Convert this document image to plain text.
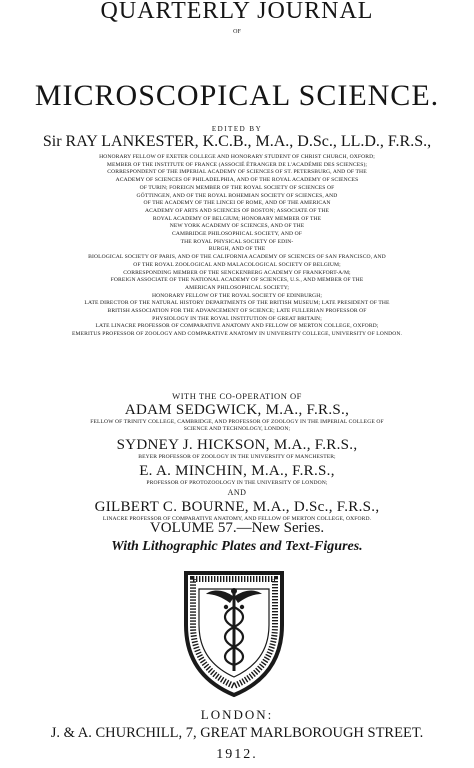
QUARTERLY JOURNAL
OF
MICROSCOPICAL SCIENCE.
EDITED BY
Sir RAY LANKESTER, K.C.B., M.A., D.Sc., LL.D., F.R.S.,
HONORARY FELLOW OF EXETER COLLEGE AND HONORARY STUDENT OF CHRIST CHURCH, OXFORD;
MEMBER OF THE INSTITUTE OF FRANCE (ASSOCIÉ ÉTRANGER DE L'ACADÉMIE DES SCIENCES);
CORRESPONDENT OF THE IMPERIAL ACADEMY OF SCIENCES OF ST. PETERSBURG, AND OF THE
ACADEMY OF SCIENCES OF PHILADELPHIA, AND OF THE ROYAL ACADEMY OF SCIENCES
OF TURIN; FOREIGN MEMBER OF THE ROYAL SOCIETY OF SCIENCES OF
GÖTTINGEN, AND OF THE ROYAL BOHEMIAN SOCIETY OF SCIENCES, AND
OF THE ACADEMY OF THE LINCEI OF ROME, AND OF THE AMERICAN
ACADEMY OF ARTS AND SCIENCES OF BOSTON; ASSOCIATE OF THE
ROYAL ACADEMY OF BELGIUM; HONORARY MEMBER OF THE
NEW YORK ACADEMY OF SCIENCES, AND OF THE
CAMBRIDGE PHILOSOPHICAL SOCIETY, AND OF
THE ROYAL PHYSICAL SOCIETY OF EDIN-
BURGH, AND OF THE
BIOLOGICAL SOCIETY OF PARIS, AND OF THE CALIFORNIA ACADEMY OF SCIENCES OF SAN FRANCISCO, AND
OF THE ROYAL ZOOLOGICAL AND MALACOLOGICAL SOCIETY OF BELGIUM;
CORRESPONDING MEMBER OF THE SENCKENBERG ACADEMY OF FRANKFORT-A/M;
FOREIGN ASSOCIATE OF THE NATIONAL ACADEMY OF SCIENCES, U.S., AND MEMBER OF THE
AMERICAN PHILOSOPHICAL SOCIETY;
HONORARY FELLOW OF THE ROYAL SOCIETY OF EDINBURGH;
LATE DIRECTOR OF THE NATURAL HISTORY DEPARTMENTS OF THE BRITISH MUSEUM; LATE PRESIDENT OF THE
BRITISH ASSOCIATION FOR THE ADVANCEMENT OF SCIENCE; LATE FULLERIAN PROFESSOR OF
PHYSIOLOGY IN THE ROYAL INSTITUTION OF GREAT BRITAIN;
LATE LINACRE PROFESSOR OF COMPARATIVE ANATOMY AND FELLOW OF MERTON COLLEGE, OXFORD;
EMERITUS PROFESSOR OF ZOOLOGY AND COMPARATIVE ANATOMY IN UNIVERSITY COLLEGE, UNIVERSITY OF LONDON.
WITH THE CO-OPERATION OF
ADAM SEDGWICK, M.A., F.R.S.,
FELLOW OF TRINITY COLLEGE, CAMBRIDGE, AND PROFESSOR OF ZOOLOGY IN THE IMPERIAL COLLEGE OF
SCIENCE AND TECHNOLOGY, LONDON;
SYDNEY J. HICKSON, M.A., F.R.S.,
BEYER PROFESSOR OF ZOOLOGY IN THE UNIVERSITY OF MANCHESTER;
E. A. MINCHIN, M.A., F.R.S.,
PROFESSOR OF PROTOZOOLOGY IN THE UNIVERSITY OF LONDON;
AND
GILBERT C. BOURNE, M.A., D.Sc., F.R.S.,
LINACRE PROFESSOR OF COMPARATIVE ANATOMY, AND FELLOW OF MERTON COLLEGE, OXFORD.
VOLUME 57.—New Series.
With Lithographic Plates and Text-Figures.
DICIOR LATINUS
LONDON:
J. & A. CHURCHILL, 7, GREAT MARLBOROUGH STREET.
1912.
